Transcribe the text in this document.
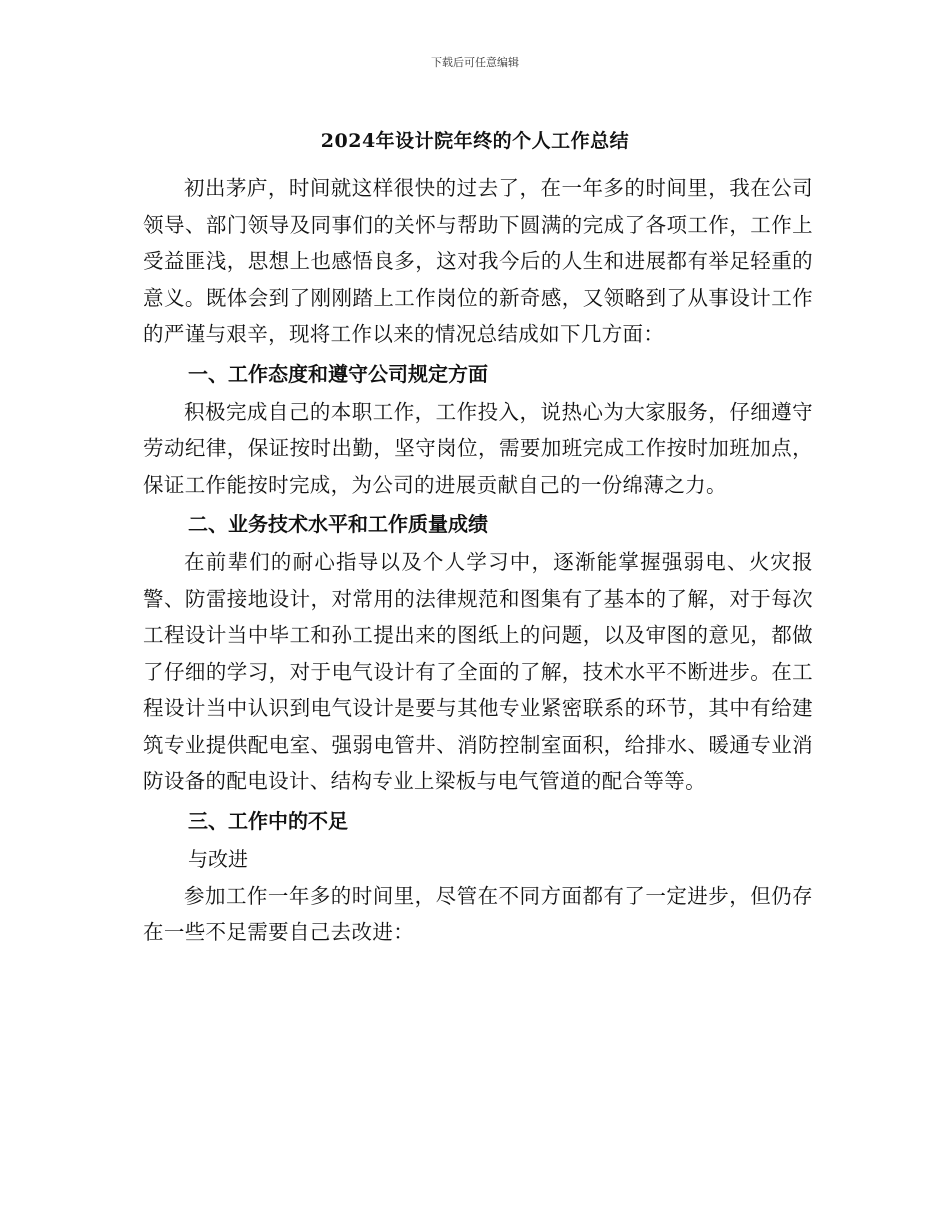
下载后可任意编辑
2024年设计院年终的个人工作总结

初出茅庐，时间就这样很快的过去了，在一年多的时间里，我在公司领导、部门领导及同事们的关怀与帮助下圆满的完成了各项工作，工作上受益匪浅，思想上也感悟良多，这对我今后的人生和进展都有举足轻重的意义。既体会到了刚刚踏上工作岗位的新奇感，又领略到了从事设计工作的严谨与艰辛，现将工作以来的情况总结成如下几方面：

一、工作态度和遵守公司规定方面

积极完成自己的本职工作，工作投入，说热心为大家服务，仔细遵守劳动纪律，保证按时出勤，坚守岗位，需要加班完成工作按时加班加点，保证工作能按时完成，为公司的进展贡献自己的一份绵薄之力。

二、业务技术水平和工作质量成绩

在前辈们的耐心指导以及个人学习中，逐渐能掌握强弱电、火灾报警、防雷接地设计，对常用的法律规范和图集有了基本的了解，对于每次工程设计当中毕工和孙工提出来的图纸上的问题，以及审图的意见，都做了仔细的学习，对于电气设计有了全面的了解，技术水平不断进步。在工程设计当中认识到电气设计是要与其他专业紧密联系的环节，其中有给建筑专业提供配电室、强弱电管井、消防控制室面积，给排水、暖通专业消防设备的配电设计、结构专业上梁板与电气管道的配合等等。

三、工作中的不足
与改进

参加工作一年多的时间里，尽管在不同方面都有了一定进步，但仍存在一些不足需要自己去改进：
